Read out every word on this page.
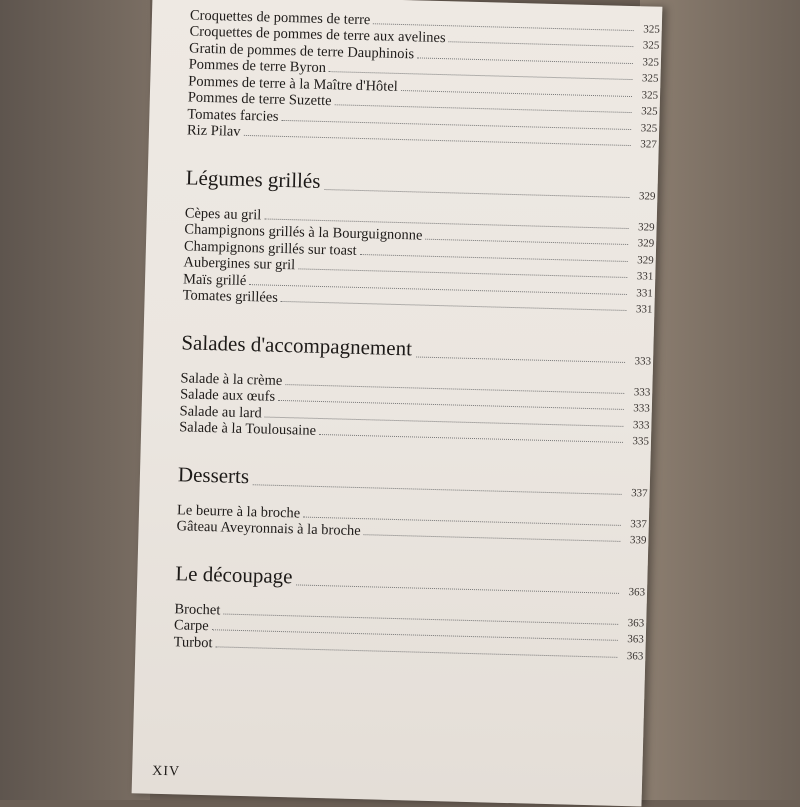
Croquettes de pommes de terre
325
Croquettes de pommes de terre aux avelines	325
Gratin de pommes de terre Dauphinois
325
Pommes de terre Byron
325
Pommes de terre à la Maître d'Hôtel
325
Pommes de terre Suzette
325
Tomates farcies
325
Riz Pilav
327
Légumes grillés
329
Cèpes au gril
329
Champignons grillés à la Bourguignonne	329
Champignons grillés sur toast
329
Aubergines sur gril
331
Maïs grillé
331
Tomates grillées
331
Salades d'accompagnement
333
Salade à la crème
333
Salade aux œufs
333
Salade au lard
333
Salade à la Toulousaine
335
Desserts
337
Le beurre à la broche
337
Gâteau Aveyronnais à la broche
339
Le découpage
363
Brochet
363
Carpe
363
Turbot
363
XIV
